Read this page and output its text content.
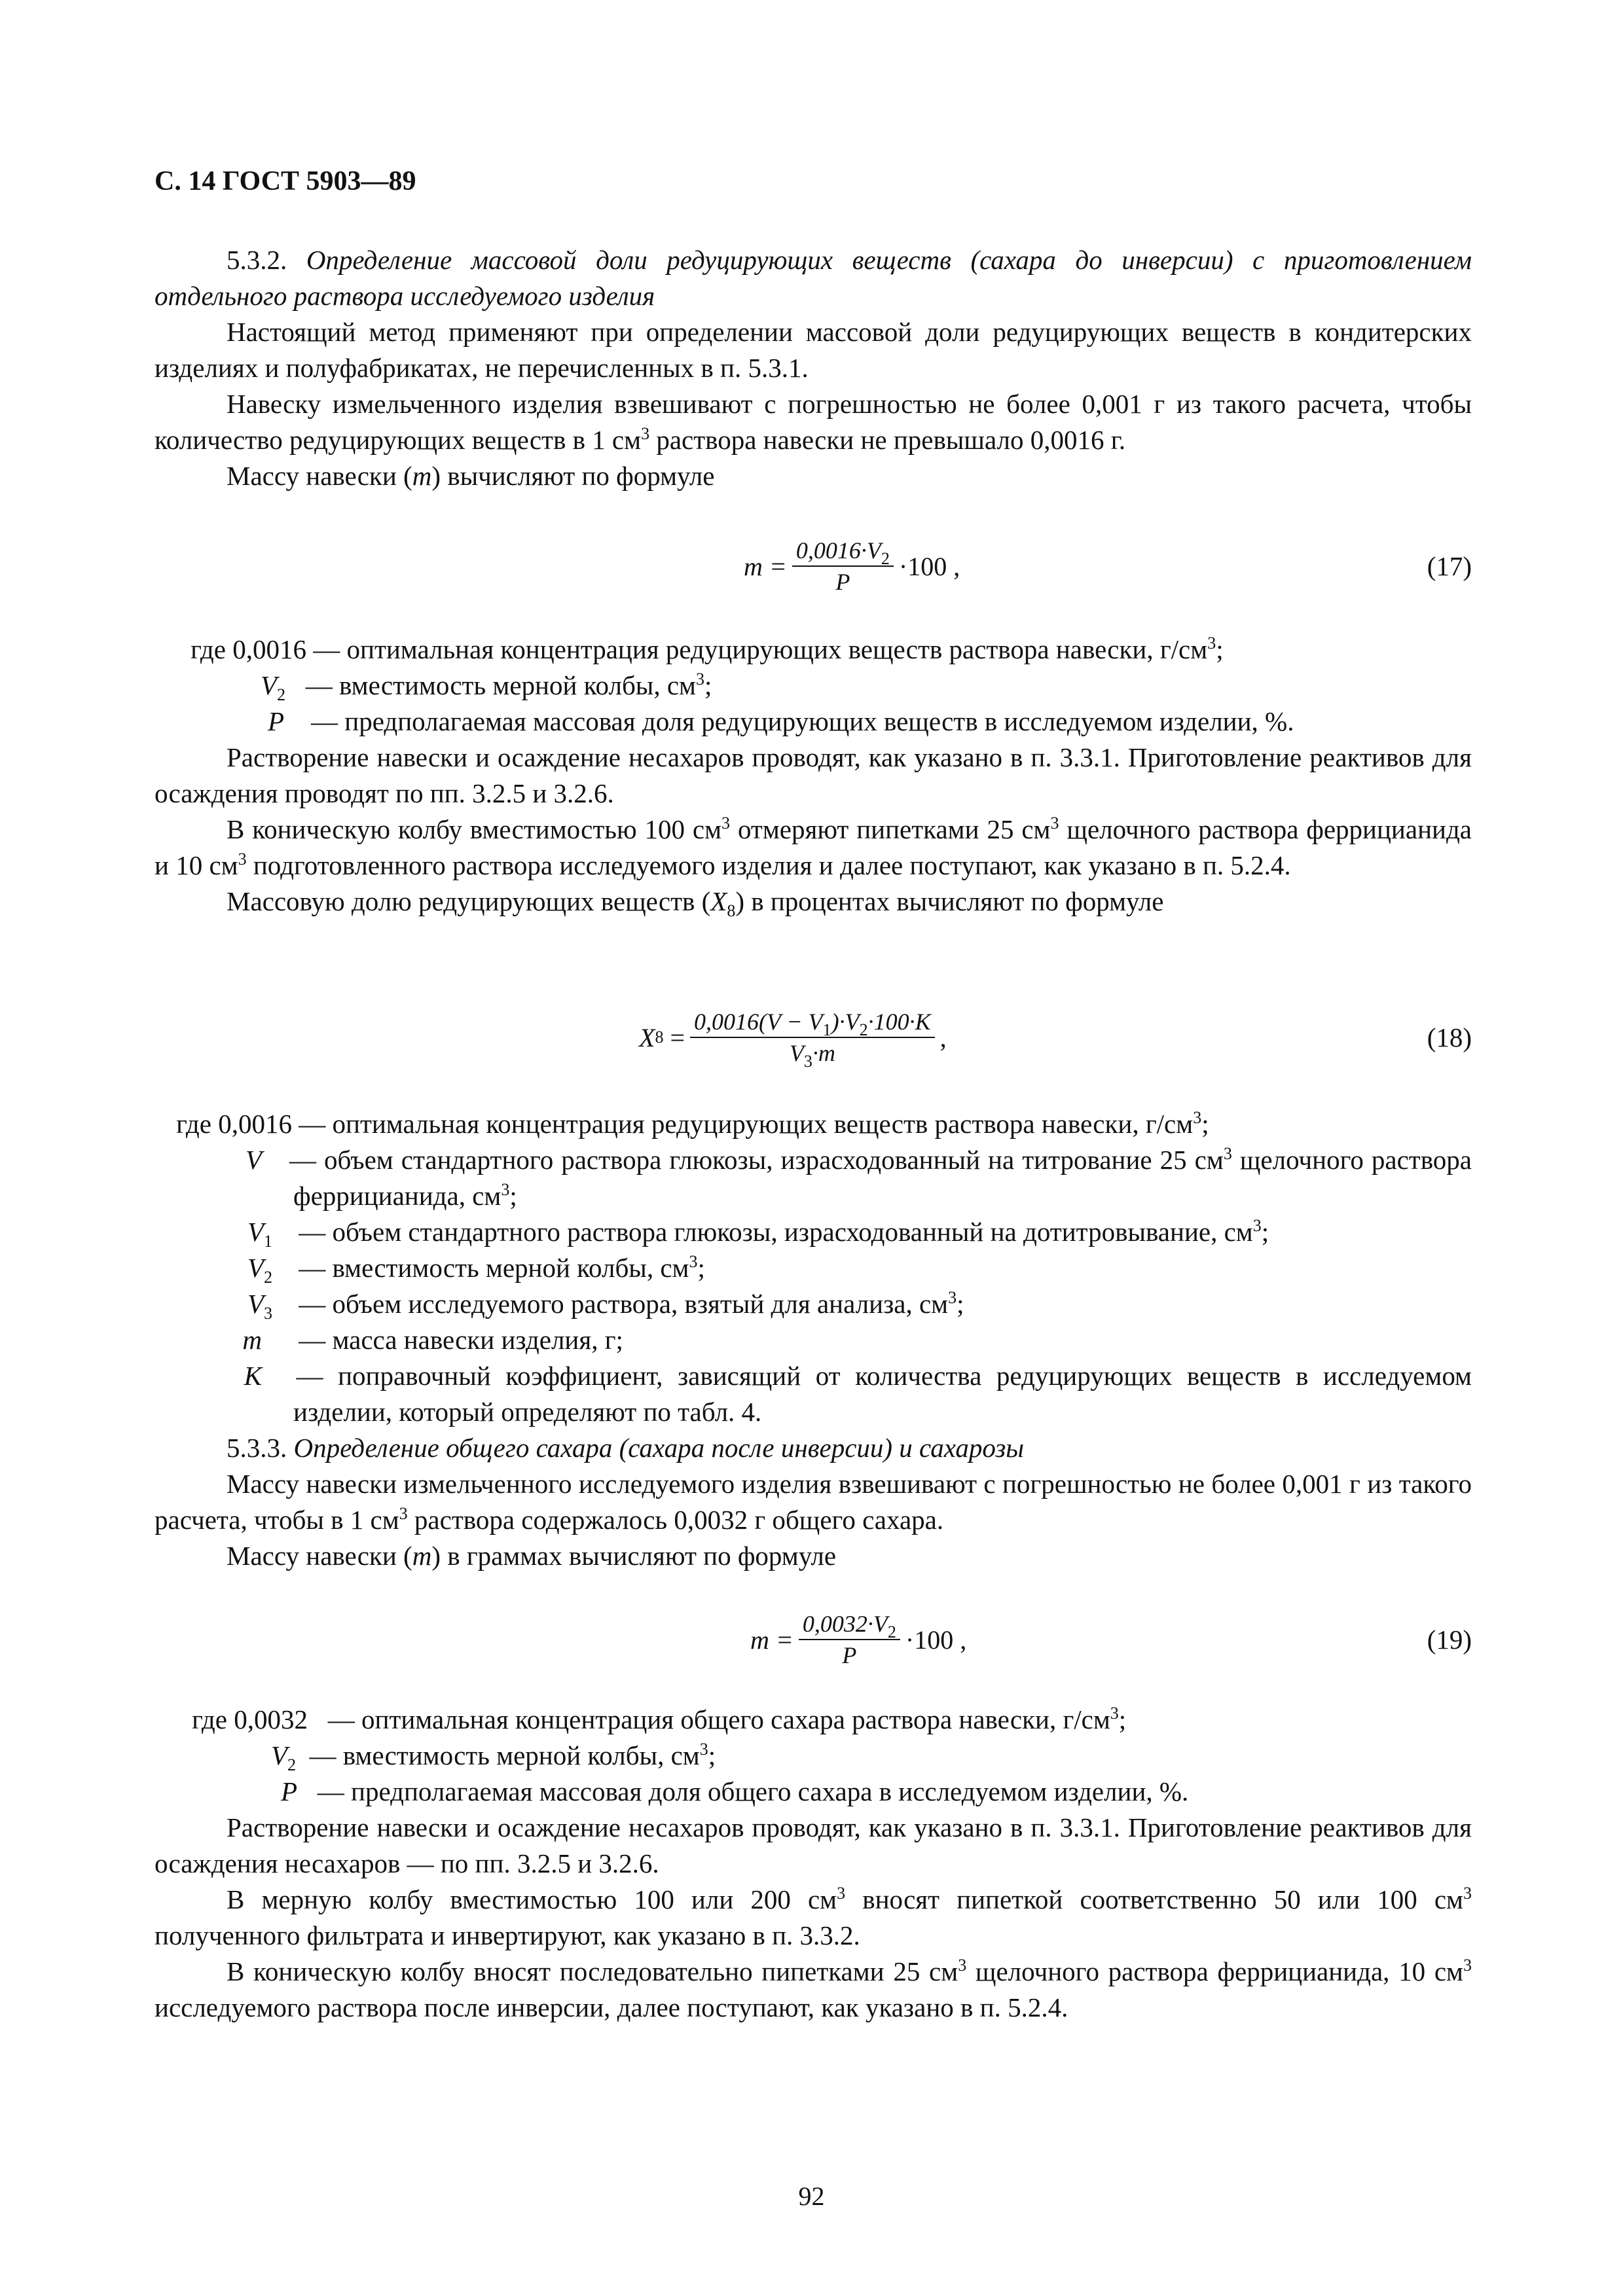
С. 14 ГОСТ 5903—89

5.3.2. Определение массовой доли редуцирующих веществ (сахара до инверсии) с приготовлением отдельного раствора исследуемого изделия

Настоящий метод применяют при определении массовой доли редуцирующих веществ в кондитерских изделиях и полуфабрикатах, не перечисленных в п. 5.3.1.

Навеску измельченного изделия взвешивают с погрешностью не более 0,001 г из такого расчета, чтобы количество редуцирующих веществ в 1 $см^3$ раствора навески не превышало 0,0016 г.

Массу навески (m) вычисляют по формуле

$m = \frac{0,0016\cdot V_2}{P} \cdot 100$ ,	(17)
где 0,0016 — оптимальная концентрация редуцирующих веществ раствора навески, $г/см^3$;
$V_2$ — вместимость мерной колбы, $см^3$;
P	— предполагаемая массовая доля редуцирующих веществ в исследуемом изделии, %.

Растворение навески и осаждение несахаров проводят, как указано в п. 3.3.1. Приготовление реактивов для осаждения проводят по пп. 3.2.5 и 3.2.6.

В коническую колбу вместимостью 100 $см^3$ отмеряют пипетками 25 $см^3$ щелочного раствора феррицианида и 10 $см^3$ подготовленного раствора исследуемого изделия и далее поступают, как указано в п. 5.2.4.

Массовую долю редуцирующих веществ $(X_8)$ в процентах вычисляют по формуле

X $8 = \frac{0,0016(V - V_1)\cdot V_2\cdot 100\cdot K}{V_3\cdot m}$ ,	(18)
где 0,0016 — оптимальная концентрация редуцирующих веществ раствора навески, $г/см^3$;
V	— объем стандартного раствора глюкозы, израсходованный на титрование 25 $см^3$ щелочного раствора феррицианида, $см^3$;
$V_1$ — объем стандартного раствора глюкозы, израсходованный на дотитровывание, $см^3$;
$V_2$ — вместимость мерной колбы, $см^3$;
$V_3$ — объем исследуемого раствора, взятый для анализа, $см^3$;
m	— масса навески изделия, г;
K	— поправочный коэффициент, зависящий от количества редуцирующих веществ в исследуемом изделии, который определяют по табл. 4.

5.3.3. Определение общего сахара (сахара после инверсии) и сахарозы

Массу навески измельченного исследуемого изделия взвешивают с погрешностью не более 0,001 г из такого расчета, чтобы в 1 $см^3$ раствора содержалось 0,0032 г общего сахара.

Массу навески (m) в граммах вычисляют по формуле

$m = \frac{0,0032\cdot V_2}{P} \cdot 100$ ,	(19)
где 0,0032 — оптимальная концентрация общего сахара раствора навески, $г/см^3$;
$V_2$ — вместимость мерной колбы, $см^3$;
P — предполагаемая массовая доля общего сахара в исследуемом изделии, %.

Растворение навески и осаждение несахаров проводят, как указано в п. 3.3.1. Приготовление реактивов для осаждения несахаров — по пп. 3.2.5 и 3.2.6.

В мерную колбу вместимостью 100 или 200 $см^3$ вносят пипеткой соответственно 50 или 100 $см^3$ полученного фильтрата и инвертируют, как указано в п. 3.3.2.

В коническую колбу вносят последовательно пипетками 25 $см^3$ щелочного раствора феррицианида, 10 $см^3$ исследуемого раствора после инверсии, далее поступают, как указано в п. 5.2.4.

92
